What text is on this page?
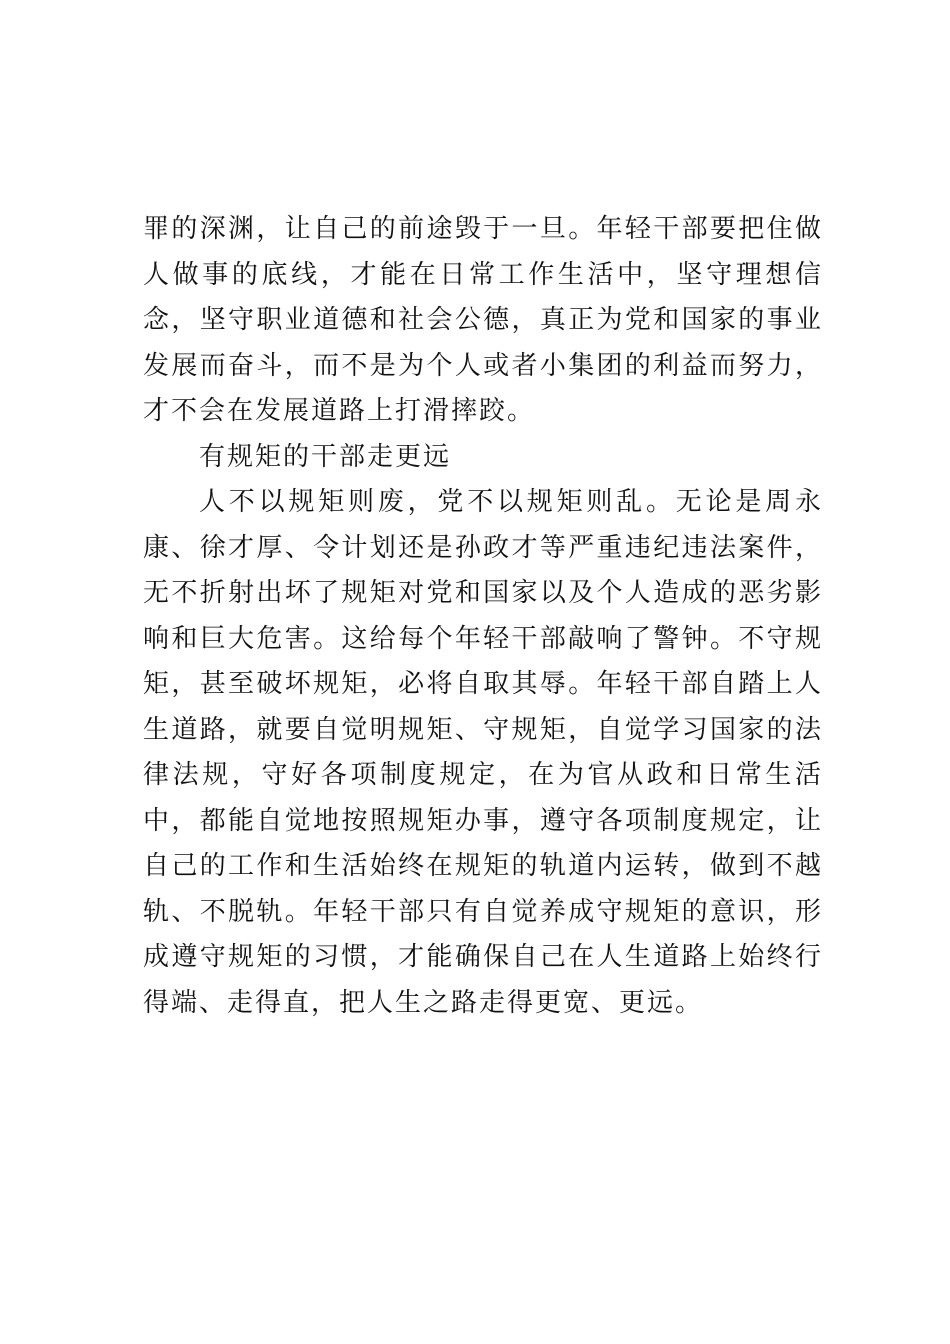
罪的深渊，让自己的前途毁于一旦。年轻干部要把住做人做事的底线，才能在日常工作生活中，坚守理想信念，坚守职业道德和社会公德，真正为党和国家的事业发展而奋斗，而不是为个人或者小集团的利益而努力，才不会在发展道路上打滑摔跤。

有规矩的干部走更远

人不以规矩则废，党不以规矩则乱。无论是周永康、徐才厚、令计划还是孙政才等严重违纪违法案件，无不折射出坏了规矩对党和国家以及个人造成的恶劣影响和巨大危害。这给每个年轻干部敲响了警钟。不守规矩，甚至破坏规矩，必将自取其辱。年轻干部自踏上人生道路，就要自觉明规矩、守规矩，自觉学习国家的法律法规，守好各项制度规定，在为官从政和日常生活中，都能自觉地按照规矩办事，遵守各项制度规定，让自己的工作和生活始终在规矩的轨道内运转，做到不越轨、不脱轨。年轻干部只有自觉养成守规矩的意识，形成遵守规矩的习惯，才能确保自己在人生道路上始终行得端、走得直，把人生之路走得更宽、更远。
